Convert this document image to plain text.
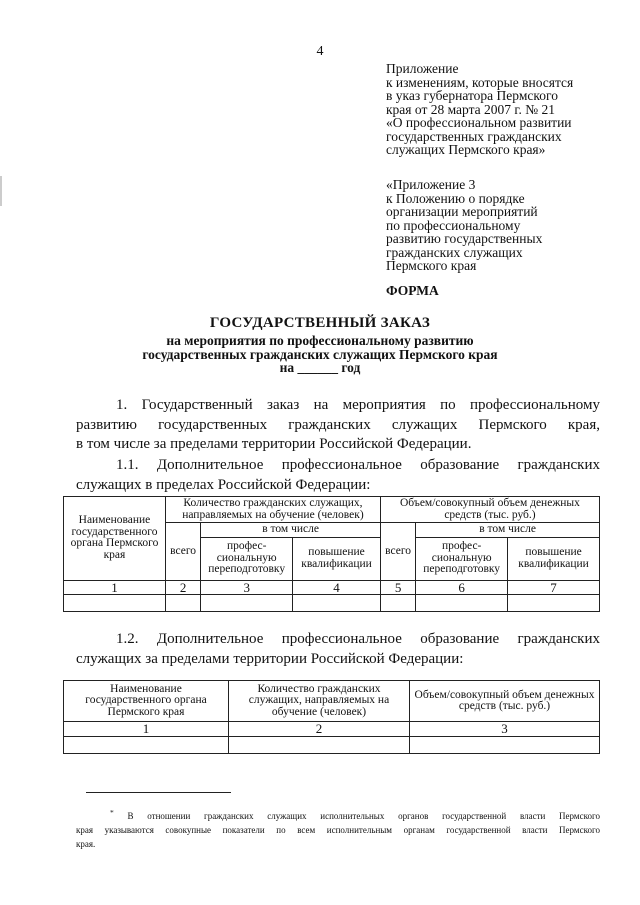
4
Приложение
к изменениям, которые вносятся
в указ губернатора Пермского
края от 28 марта 2007 г. № 21
«О профессиональном развитии
государственных гражданских
служащих Пермского края»
«Приложение 3
к Положению о порядке
организации мероприятий
по профессиональному
развитию государственных
гражданских служащих
Пермского края
ФОРМА
ГОСУДАРСТВЕННЫЙ ЗАКАЗ
на мероприятия по профессиональному развитию
государственных гражданских служащих Пермского края
на ______ год
1. Государственный заказ на мероприятия по профессиональному
развитию государственных гражданских служащих Пермского края,
в том числе за пределами территории Российской Федерации.
1.1. Дополнительное профессиональное образование гражданских
служащих в пределах Российской Федерации:
Наименование государственного органа Пермского края	Количество гражданских служащих, направляемых на обучение (человек)			Объем/совокупный объем денежных средств (тыс. руб.)		
	всего	в том числе		всего	в том числе	
		профес-сиональную переподготовку	повышение квалификации		профес-сиональную переподготовку	повышение квалификации
1	2	3	4	5	6	7

1.2. Дополнительное профессиональное образование гражданских
служащих за пределами территории Российской Федерации:
Наименование государственного органа Пермского края	Количество гражданских служащих, направляемых на обучение (человек)	Объем/совокупный объем денежных средств (тыс. руб.)
1	2	3

* В отношении гражданских служащих исполнительных органов государственной власти Пермского
края указываются совокупные показатели по всем исполнительным органам государственной власти Пермского
края.
